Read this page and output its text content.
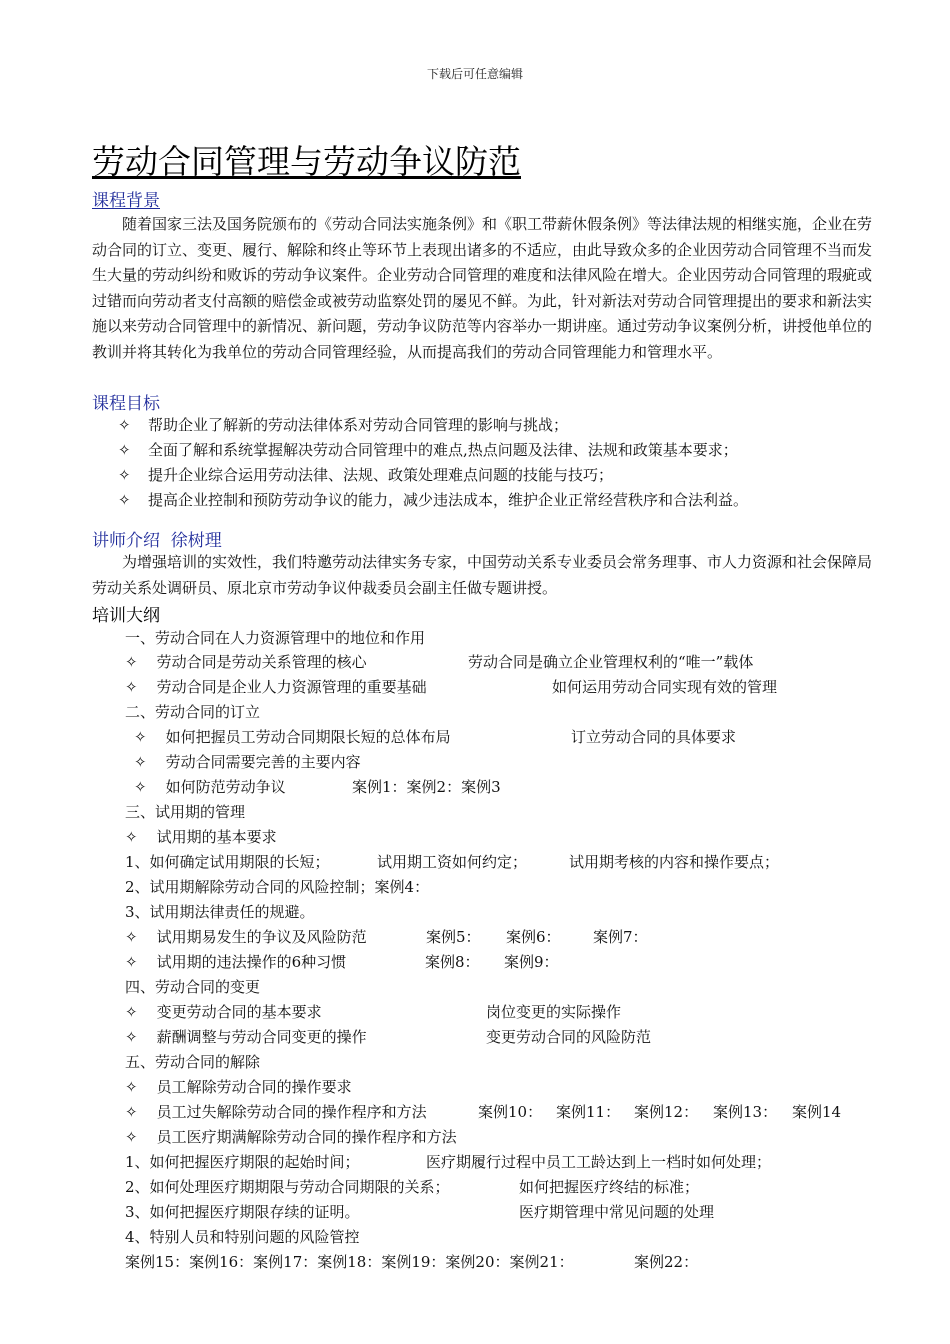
下载后可任意编辑
劳动合同管理与劳动争议防范
课程背景
随着国家三法及国务院颁布的《劳动合同法实施条例》和《职工带薪休假条例》等法律法规的相继实施，企业在劳动合同的订立、变更、履行、解除和终止等环节上表现出诸多的不适应，由此导致众多的企业因劳动合同管理不当而发生大量的劳动纠纷和败诉的劳动争议案件。企业劳动合同管理的难度和法律风险在增大。企业因劳动合同管理的瑕疵或过错而向劳动者支付高额的赔偿金或被劳动监察处罚的屡见不鲜。为此，针对新法对劳动合同管理提出的要求和新法实施以来劳动合同管理中的新情况、新问题，劳动争议防范等内容举办一期讲座。通过劳动争议案例分析，讲授他单位的教训并将其转化为我单位的劳动合同管理经验，从而提高我们的劳动合同管理能力和管理水平。
课程目标
✧ 帮助企业了解新的劳动法律体系对劳动合同管理的影响与挑战；
✧ 全面了解和系统掌握解决劳动合同管理中的难点,热点问题及法律、法规和政策基本要求；
✧ 提升企业综合运用劳动法律、法规、政策处理难点问题的技能与技巧；
✧ 提高企业控制和预防劳动争议的能力，减少违法成本，维护企业正常经营秩序和合法利益。
讲师介绍  徐树理
为增强培训的实效性，我们特邀劳动法律实务专家，中国劳动关系专业委员会常务理事、市人力资源和社会保障局劳动关系处调研员、原北京市劳动争议仲裁委员会副主任做专题讲授。
培训大纲
一、劳动合同在人力资源管理中的地位和作用
✧    劳动合同是劳动关系管理的核心	劳动合同是确立企业管理权利的“唯一”载体
✧    劳动合同是企业人力资源管理的重要基础	如何运用劳动合同实现有效的管理
二、劳动合同的订立
✧    如何把握员工劳动合同期限长短的总体布局	订立劳动合同的具体要求
✧    劳动合同需要完善的主要内容
✧    如何防范劳动争议	案例1：案例2：案例3
三、试用期的管理
✧    试用期的基本要求
1、如何确定试用期限的长短；	试用期工资如何约定；	试用期考核的内容和操作要点；
2、试用期解除劳动合同的风险控制；案例4：
3、试用期法律责任的规避。
✧    试用期易发生的争议及风险防范	案例5： 案例6： 案例7：
✧    试用期的违法操作的6种习惯	案例8： 案例9：
四、劳动合同的变更
✧    变更劳动合同的基本要求	岗位变更的实际操作
✧    薪酬调整与劳动合同变更的操作	变更劳动合同的风险防范
五、劳动合同的解除
✧    员工解除劳动合同的操作要求
✧    员工过失解除劳动合同的操作程序和方法	案例10： 案例11： 案例12： 案例13： 案例14
✧    员工医疗期满解除劳动合同的操作程序和方法
1、如何把握医疗期限的起始时间；	医疗期履行过程中员工工龄达到上一档时如何处理；
2、如何处理医疗期期限与劳动合同期限的关系；	如何把握医疗终结的标准；
3、如何把握医疗期限存续的证明。	医疗期管理中常见问题的处理
4、特别人员和特别问题的风险管控
案例15：案例16：案例17：案例18：案例19：案例20：案例21：	案例22：
